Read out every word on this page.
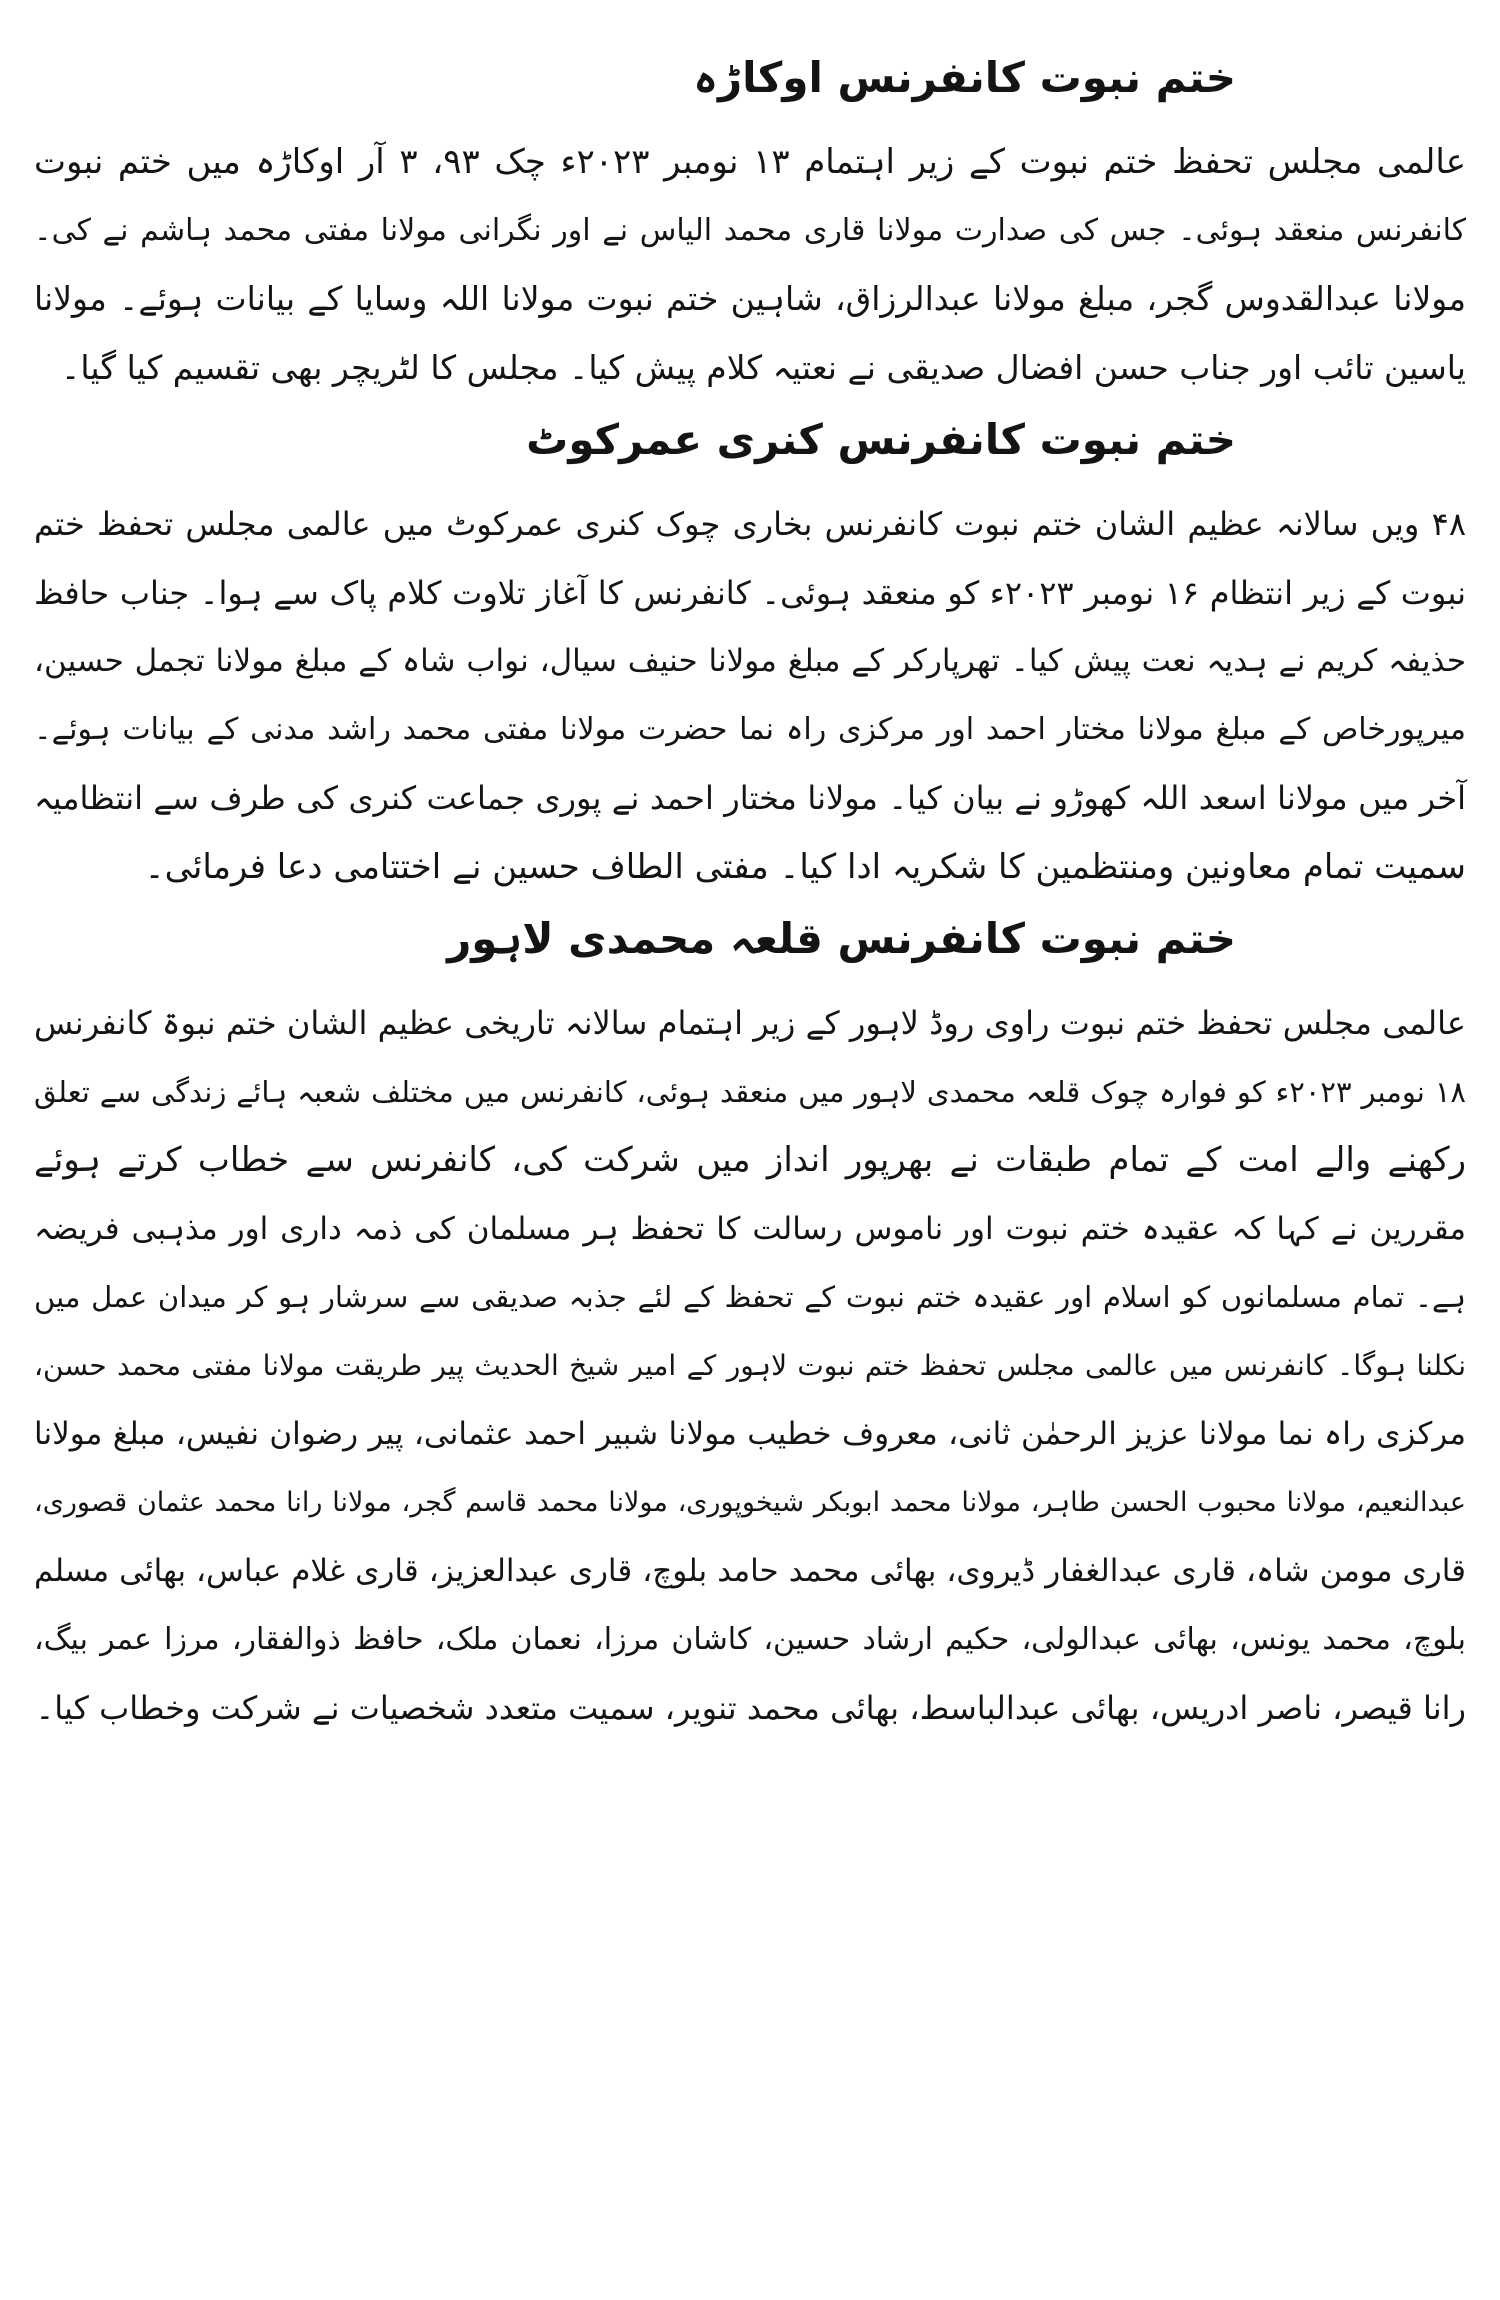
ختم نبوت کانفرنس اوکاڑہ

عالمی مجلس تحفظ ختم نبوت کے زیر اہتمام ۱۳ نومبر ۲۰۲۳ء چک ۹۳، ۳ آر اوکاڑہ میں ختم نبوت

کانفرنس منعقد ہوئی۔ جس کی صدارت مولانا قاری محمد الیاس نے اور نگرانی مولانا مفتی محمد ہاشم نے کی۔

مولانا عبدالقدوس گجر، مبلغ مولانا عبدالرزاق، شاہین ختم نبوت مولانا اللہ وسایا کے بیانات ہوئے۔ مولانا

یاسین تائب اور جناب حسن افضال صدیقی نے نعتیہ کلام پیش کیا۔ مجلس کا لٹریچر بھی تقسیم کیا گیا۔

ختم نبوت کانفرنس کنری عمرکوٹ

۴۸ ویں سالانہ عظیم الشان ختم نبوت کانفرنس بخاری چوک کنری عمرکوٹ میں عالمی مجلس تحفظ ختم

نبوت کے زیر انتظام ۱۶ نومبر ۲۰۲۳ء کو منعقد ہوئی۔ کانفرنس کا آغاز تلاوت کلام پاک سے ہوا۔ جناب حافظ

حذیفہ کریم نے ہدیہ نعت پیش کیا۔ تھرپارکر کے مبلغ مولانا حنیف سیال، نواب شاہ کے مبلغ مولانا تجمل حسین،

میرپورخاص کے مبلغ مولانا مختار احمد اور مرکزی راہ نما حضرت مولانا مفتی محمد راشد مدنی کے بیانات ہوئے۔

آخر میں مولانا اسعد اللہ کھوڑو نے بیان کیا۔ مولانا مختار احمد نے پوری جماعت کنری کی طرف سے انتظامیہ

سمیت تمام معاونین ومنتظمین کا شکریہ ادا کیا۔ مفتی الطاف حسین نے اختتامی دعا فرمائی۔

ختم نبوت کانفرنس قلعہ محمدی لاہور

عالمی مجلس تحفظ ختم نبوت راوی روڈ لاہور کے زیر اہتمام سالانہ تاریخی عظیم الشان ختم نبوۃ کانفرنس

۱۸ نومبر ۲۰۲۳ء کو فوارہ چوک قلعہ محمدی لاہور میں منعقد ہوئی، کانفرنس میں مختلف شعبہ ہائے زندگی سے تعلق

رکھنے والے امت کے تمام طبقات نے بھرپور انداز میں شرکت کی، کانفرنس سے خطاب کرتے ہوئے

مقررین نے کہا کہ عقیدہ ختم نبوت اور ناموس رسالت کا تحفظ ہر مسلمان کی ذمہ داری اور مذہبی فریضہ

ہے۔ تمام مسلمانوں کو اسلام اور عقیدہ ختم نبوت کے تحفظ کے لئے جذبہ صدیقی سے سرشار ہو کر میدان عمل میں

نکلنا ہوگا۔ کانفرنس میں عالمی مجلس تحفظ ختم نبوت لاہور کے امیر شیخ الحدیث پیر طریقت مولانا مفتی محمد حسن،

مرکزی راہ نما مولانا عزیز الرحمٰن ثانی، معروف خطیب مولانا شبیر احمد عثمانی، پیر رضوان نفیس، مبلغ مولانا

عبدالنعیم، مولانا محبوب الحسن طاہر، مولانا محمد ابوبکر شیخوپوری، مولانا محمد قاسم گجر، مولانا رانا محمد عثمان قصوری،

قاری مومن شاہ، قاری عبدالغفار ڈیروی، بھائی محمد حامد بلوچ، قاری عبدالعزیز، قاری غلام عباس، بھائی مسلم

بلوچ، محمد یونس، بھائی عبدالولی، حکیم ارشاد حسین، کاشان مرزا، نعمان ملک، حافظ ذوالفقار، مرزا عمر بیگ،

رانا قیصر، ناصر ادریس، بھائی عبدالباسط، بھائی محمد تنویر، سمیت متعدد شخصیات نے شرکت وخطاب کیا۔
